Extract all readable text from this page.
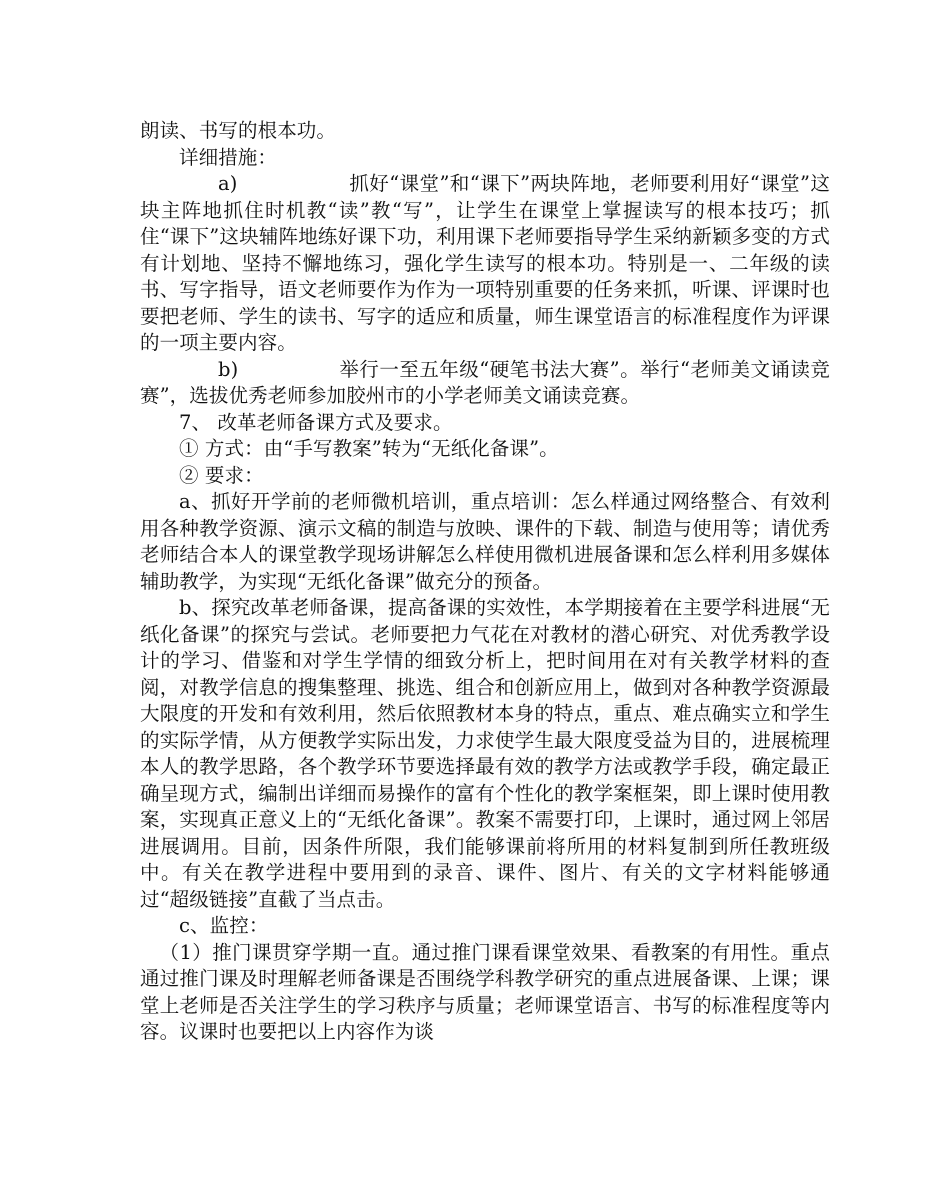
朗读、书写的根本功。

详细措施：

a)	抓好“课堂”和“课下”两块阵地，老师要利用好“课堂”这块主阵地抓住时机教“读”教“写”，让学生在课堂上掌握读写的根本技巧；抓住“课下”这块辅阵地练好课下功，利用课下老师要指导学生采纳新颖多变的方式有计划地、坚持不懈地练习，强化学生读写的根本功。特别是一、二年级的读书、写字指导，语文老师要作为作为一项特别重要的任务来抓，听课、评课时也要把老师、学生的读书、写字的适应和质量，师生课堂语言的标准程度作为评课的一项主要内容。

b)	举行一至五年级“硬笔书法大赛”。举行“老师美文诵读竞赛”，选拔优秀老师参加胶州市的小学老师美文诵读竞赛。

7、 改革老师备课方式及要求。

① 方式：由“手写教案”转为“无纸化备课”。

② 要求：

a、抓好开学前的老师微机培训，重点培训：怎么样通过网络整合、有效利用各种教学资源、演示文稿的制造与放映、课件的下载、制造与使用等；请优秀老师结合本人的课堂教学现场讲解怎么样使用微机进展备课和怎么样利用多媒体辅助教学，为实现“无纸化备课”做充分的预备。

b、探究改革老师备课，提高备课的实效性，本学期接着在主要学科进展“无纸化备课”的探究与尝试。老师要把力气花在对教材的潜心研究、对优秀教学设计的学习、借鉴和对学生学情的细致分析上，把时间用在对有关教学材料的查阅，对教学信息的搜集整理、挑选、组合和创新应用上，做到对各种教学资源最大限度的开发和有效利用，然后依照教材本身的特点，重点、难点确实立和学生的实际学情，从方便教学实际出发，力求使学生最大限度受益为目的，进展梳理本人的教学思路，各个教学环节要选择最有效的教学方法或教学手段，确定最正确呈现方式，编制出详细而易操作的富有个性化的教学案框架，即上课时使用教案，实现真正意义上的“无纸化备课”。教案不需要打印，上课时，通过网上邻居进展调用。目前，因条件所限，我们能够课前将所用的材料复制到所任教班级中。有关在教学进程中要用到的录音、课件、图片、有关的文字材料能够通过“超级链接”直截了当点击。

c、监控：

（1）推门课贯穿学期一直。通过推门课看课堂效果、看教案的有用性。重点通过推门课及时理解老师备课是否围绕学科教学研究的重点进展备课、上课；课堂上老师是否关注学生的学习秩序与质量；老师课堂语言、书写的标准程度等内容。议课时也要把以上内容作为谈
